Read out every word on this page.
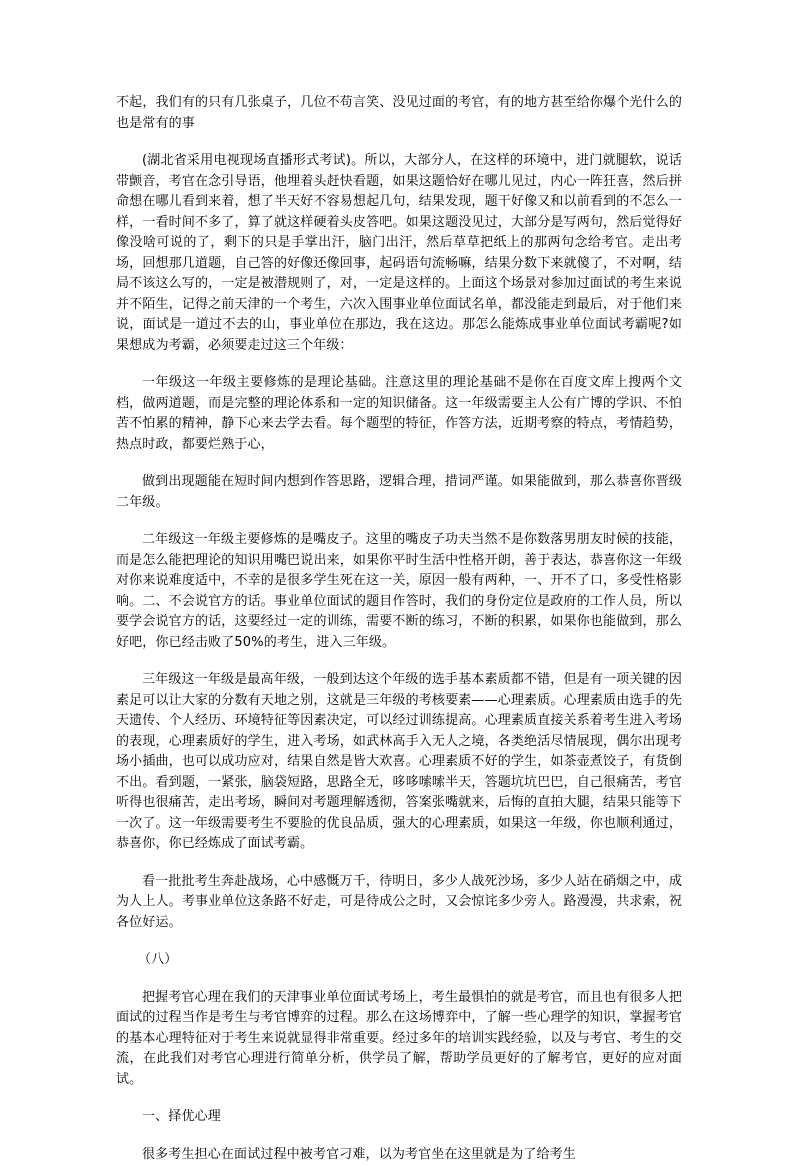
不起，我们有的只有几张桌子，几位不苟言笑、没见过面的考官，有的地方甚至给你爆个光什么的也是常有的事

(湖北省采用电视现场直播形式考试)。所以，大部分人，在这样的环境中，进门就腿软，说话带颤音，考官在念引导语，他埋着头赶快看题，如果这题恰好在哪儿见过，内心一阵狂喜，然后拼命想在哪儿看到来着，想了半天好不容易想起几句，结果发现，题干好像又和以前看到的不怎么一样，一看时间不多了，算了就这样硬着头皮答吧。如果这题没见过，大部分是写两句，然后觉得好像没啥可说的了，剩下的只是手掌出汗，脑门出汗，然后草草把纸上的那两句念给考官。走出考场，回想那几道题，自己答的好像还像回事，起码语句流畅嘛，结果分数下来就傻了，不对啊，结局不该这么写的，一定是被潜规则了，对，一定是这样的。上面这个场景对参加过面试的考生来说并不陌生，记得之前天津的一个考生，六次入围事业单位面试名单，都没能走到最后，对于他们来说，面试是一道过不去的山，事业单位在那边，我在这边。那怎么能炼成事业单位面试考霸呢?如果想成为考霸，必须要走过这三个年级：

一年级这一年级主要修炼的是理论基础。注意这里的理论基础不是你在百度文库上搜两个文档，做两道题，而是完整的理论体系和一定的知识储备。这一年级需要主人公有广博的学识、不怕苦不怕累的精神，静下心来去学去看。每个题型的特征，作答方法，近期考察的特点，考情趋势，热点时政，都要烂熟于心，

做到出现题能在短时间内想到作答思路，逻辑合理，措词严谨。如果能做到，那么恭喜你晋级二年级。

二年级这一年级主要修炼的是嘴皮子。这里的嘴皮子功夫当然不是你数落男朋友时候的技能，而是怎么能把理论的知识用嘴巴说出来，如果你平时生活中性格开朗，善于表达，恭喜你这一年级对你来说难度适中，不幸的是很多学生死在这一关，原因一般有两种，一、开不了口，多受性格影响。二、不会说官方的话。事业单位面试的题目作答时，我们的身份定位是政府的工作人员，所以要学会说官方的话，这要经过一定的训练，需要不断的练习，不断的积累，如果你也能做到，那么好吧，你已经击败了50%的考生，进入三年级。

三年级这一年级是最高年级，一般到达这个年级的选手基本素质都不错，但是有一项关键的因素足可以让大家的分数有天地之别，这就是三年级的考核要素——心理素质。心理素质由选手的先天遗传、个人经历、环境特征等因素决定，可以经过训练提高。心理素质直接关系着考生进入考场的表现，心理素质好的学生，进入考场，如武林高手入无人之境，各类绝活尽情展现，偶尔出现考场小插曲，也可以成功应对，结果自然是皆大欢喜。心理素质不好的学生，如茶壶煮饺子，有货倒不出。看到题，一紧张，脑袋短路，思路全无，哆哆嗦嗦半天，答题坑坑巴巴，自己很痛苦，考官听得也很痛苦，走出考场，瞬间对考题理解透彻，答案张嘴就来，后悔的直拍大腿，结果只能等下一次了。这一年级需要考生不要脸的优良品质，强大的心理素质，如果这一年级，你也顺利通过，恭喜你，你已经炼成了面试考霸。

看一批批考生奔赴战场，心中感慨万千，待明日，多少人战死沙场，多少人站在硝烟之中，成为人上人。考事业单位这条路不好走，可是待成公之时，又会惊诧多少旁人。路漫漫，共求索，祝各位好运。

（八）

把握考官心理在我们的天津事业单位面试考场上，考生最惧怕的就是考官，而且也有很多人把面试的过程当作是考生与考官博弈的过程。那么在这场博弈中，了解一些心理学的知识，掌握考官的基本心理特征对于考生来说就显得非常重要。经过多年的培训实践经验，以及与考官、考生的交流，在此我们对考官心理进行简单分析，供学员了解，帮助学员更好的了解考官，更好的应对面试。

一、择优心理

很多考生担心在面试过程中被考官刁难，以为考官坐在这里就是为了给考生
